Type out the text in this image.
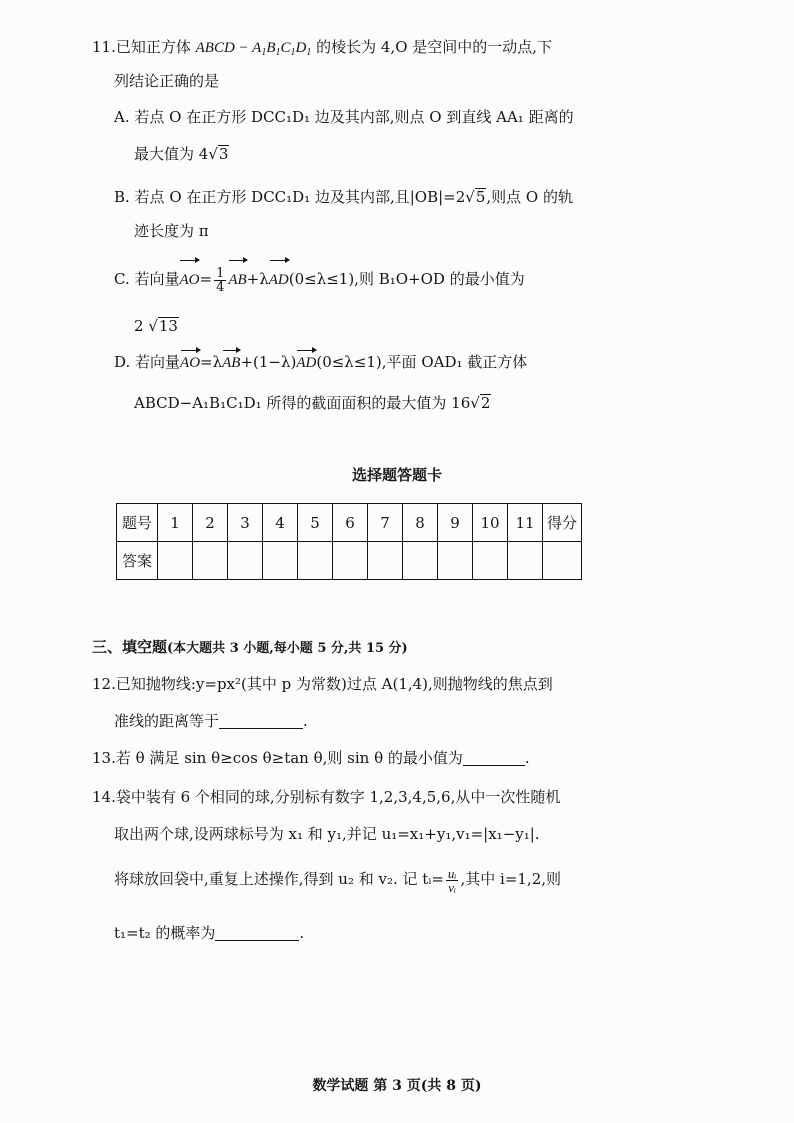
11.已知正方体 ABCD − $A_1B_1C_1D_1$ 的棱长为 4,O 是空间中的一动点,下
列结论正确的是
A. 若点 O 在正方形 DCC₁D₁ 边及其内部,则点 O 到直线 AA₁ 距离的
最大值为 4√3
B. 若点 O 在正方形 DCC₁D₁ 边及其内部,且|OB|=2√5,则点 O 的轨
迹长度为 π
C. 若向量$AO= \frac{1}{4} AB+\lambda AD(0\le\lambda\le 1)$,则 B₁O+OD 的最小值为
2 √13
D. 若向量AO=λAB+(1−λ)AD(0≤λ≤1),平面 OAD₁ 截正方体
ABCD−A₁B₁C₁D₁ 所得的截面面积的最大值为 16√2
选择题答题卡
题号	1	2	3	4	5	6	7	8	9	10	11	得分
答案												
三、填空题(本大题共 3 小题,每小题 5 分,共 15 分)
12.已知抛物线:y=px²(其中 p 为常数)过点 A(1,4),则抛物线的焦点到
准线的距离等于	.
13.若 θ 满足 sin θ≥cos θ≥tan θ,则 sin θ 的最小值为	.
14.袋中装有 6 个相同的球,分别标有数字 1,2,3,4,5,6,从中一次性随机
取出两个球,设两球标号为 x₁ 和 y₁,并记 u₁=x₁+y₁,v₁=|x₁−y₁|.
将球放回袋中,重复上述操作,得到 u₂ 和 v₂. 记 tᵢ= $\frac{\text{uᵢ}}{\text{vᵢ}}$ ,其中 i=1,2,则
t₁=t₂ 的概率为	.
数学试题 第 3 页(共 8 页)
